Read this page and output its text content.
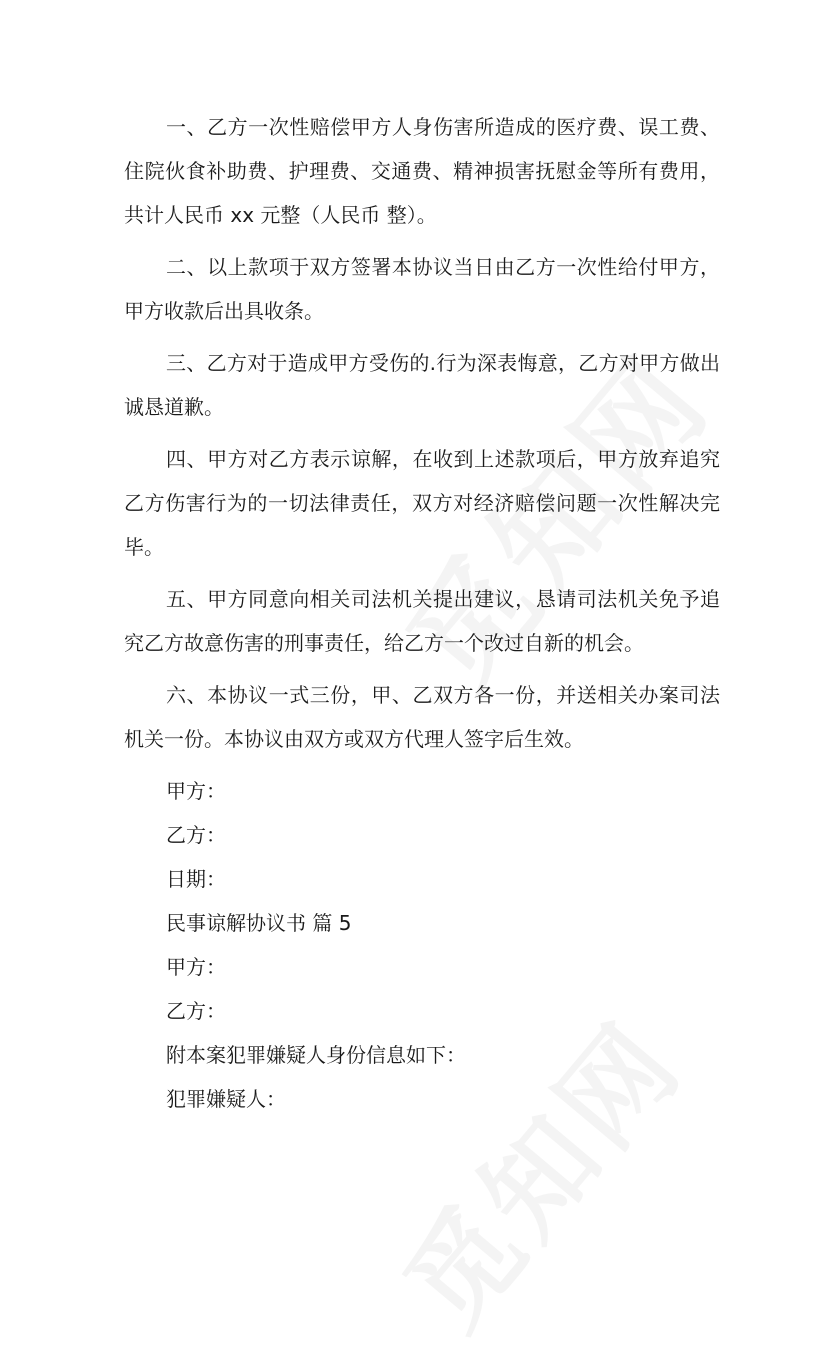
一、乙方一次性赔偿甲方人身伤害所造成的医疗费、误工费、住院伙食补助费、护理费、交通费、精神损害抚慰金等所有费用，共计人民币 xx 元整（人民币 整）。

二、以上款项于双方签署本协议当日由乙方一次性给付甲方，甲方收款后出具收条。

三、乙方对于造成甲方受伤的.行为深表悔意，乙方对甲方做出诚恳道歉。

四、甲方对乙方表示谅解，在收到上述款项后，甲方放弃追究乙方伤害行为的一切法律责任，双方对经济赔偿问题一次性解决完毕。

五、甲方同意向相关司法机关提出建议，恳请司法机关免予追究乙方故意伤害的刑事责任，给乙方一个改过自新的机会。

六、本协议一式三份，甲、乙双方各一份，并送相关办案司法机关一份。本协议由双方或双方代理人签字后生效。

甲方：

乙方：

日期：

民事谅解协议书 篇 5

甲方：

乙方：

附本案犯罪嫌疑人身份信息如下：

犯罪嫌疑人：
